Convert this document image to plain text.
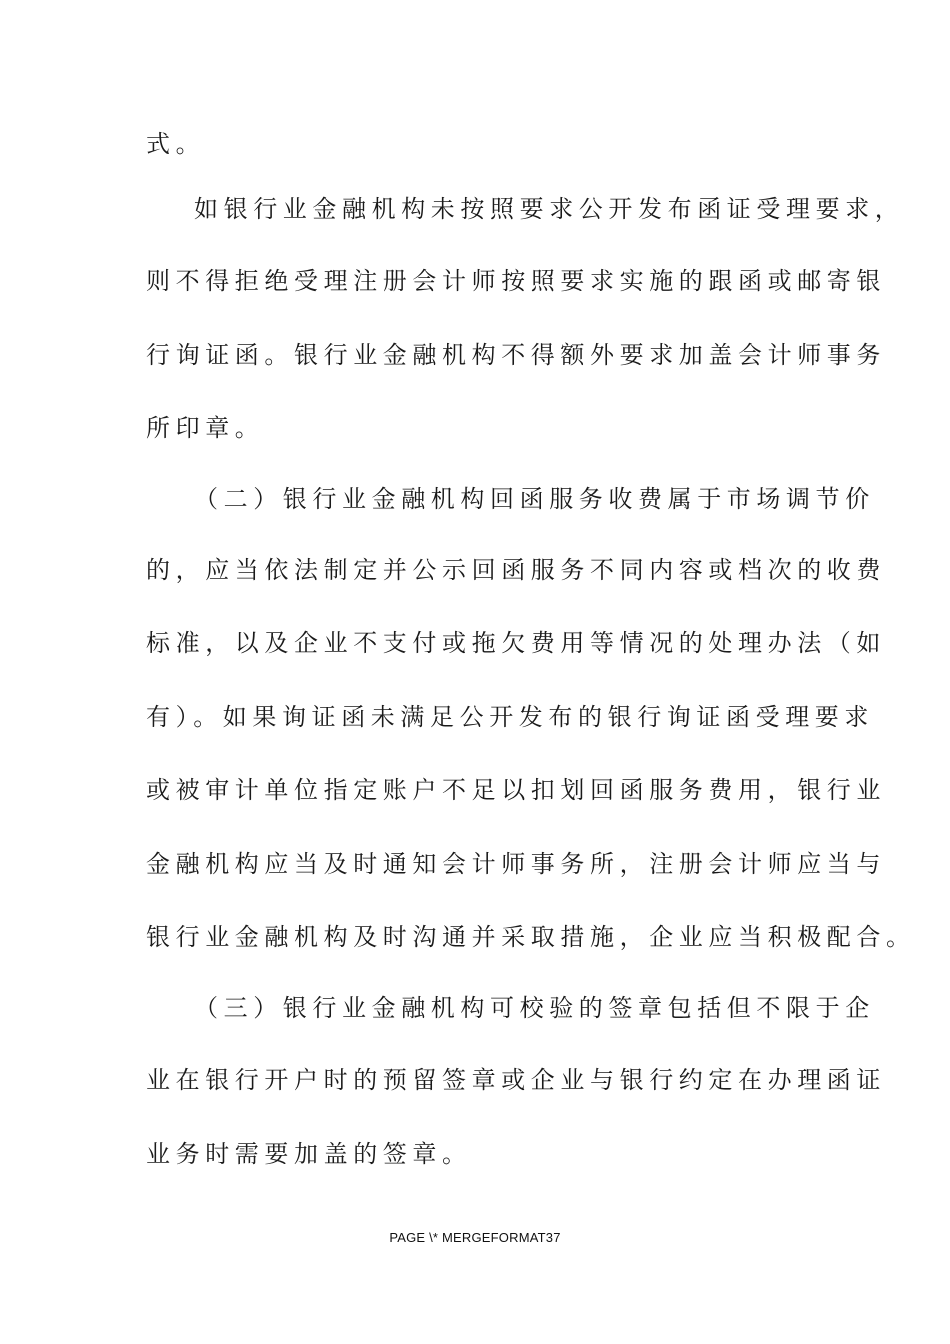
式。
如银行业金融机构未按照要求公开发布函证受理要求，
则不得拒绝受理注册会计师按照要求实施的跟函或邮寄银
行询证函。银行业金融机构不得额外要求加盖会计师事务
所印章。
（二）银行业金融机构回函服务收费属于市场调节价
的，应当依法制定并公示回函服务不同内容或档次的收费
标准，以及企业不支付或拖欠费用等情况的处理办法（如
有）。如果询证函未满足公开发布的银行询证函受理要求
或被审计单位指定账户不足以扣划回函服务费用，银行业
金融机构应当及时通知会计师事务所，注册会计师应当与
银行业金融机构及时沟通并采取措施，企业应当积极配合。
（三）银行业金融机构可校验的签章包括但不限于企
业在银行开户时的预留签章或企业与银行约定在办理函证
业务时需要加盖的签章。
PAGE \* MERGEFORMAT37
